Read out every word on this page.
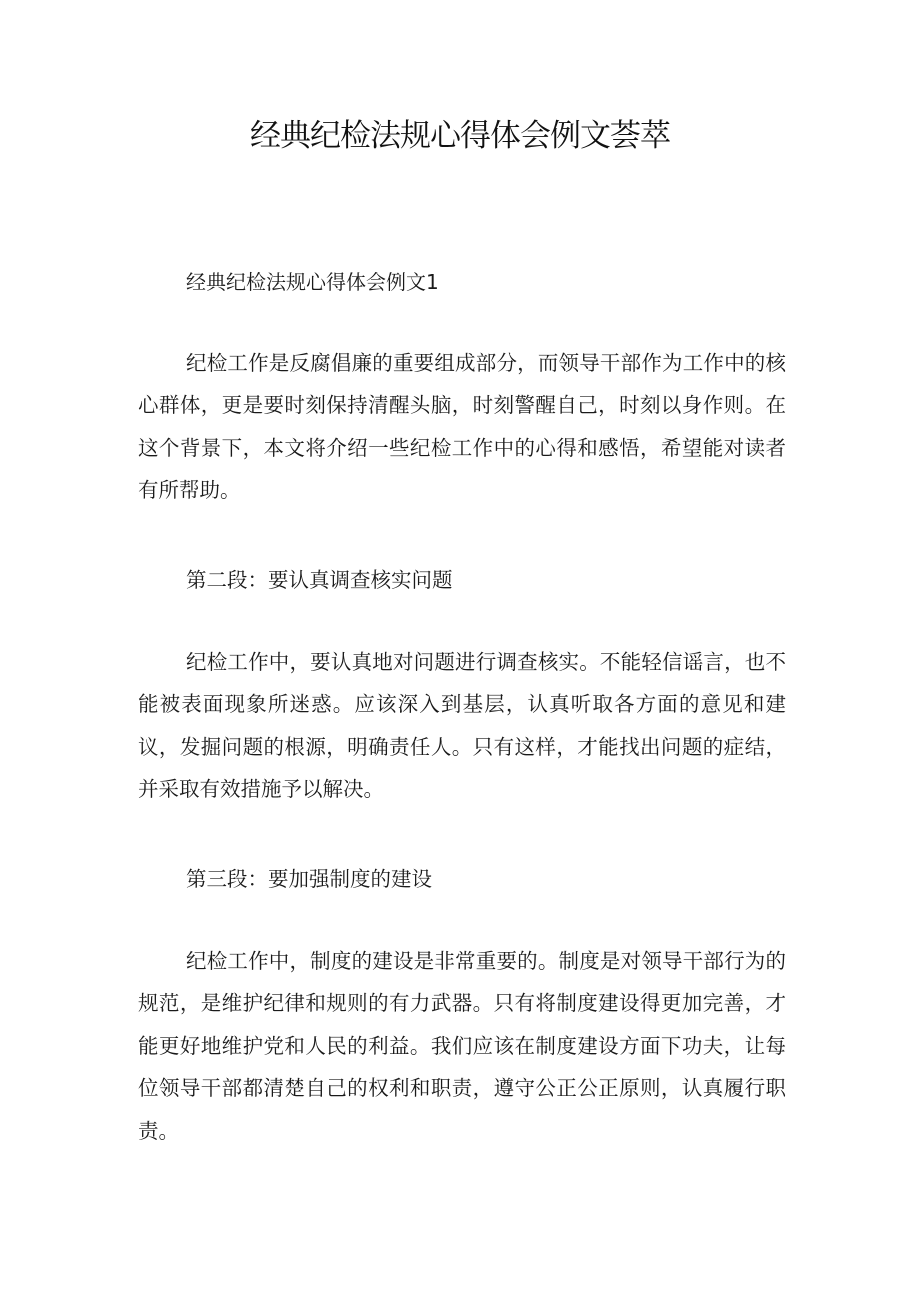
经典纪检法规心得体会例文荟萃
经典纪检法规心得体会例文1

纪检工作是反腐倡廉的重要组成部分，而领导干部作为工作中的核心群体，更是要时刻保持清醒头脑，时刻警醒自己，时刻以身作则。在这个背景下，本文将介绍一些纪检工作中的心得和感悟，希望能对读者有所帮助。

第二段：要认真调查核实问题

纪检工作中，要认真地对问题进行调查核实。不能轻信谣言，也不能被表面现象所迷惑。应该深入到基层，认真听取各方面的意见和建议，发掘问题的根源，明确责任人。只有这样，才能找出问题的症结，并采取有效措施予以解决。

第三段：要加强制度的建设

纪检工作中，制度的建设是非常重要的。制度是对领导干部行为的规范，是维护纪律和规则的有力武器。只有将制度建设得更加完善，才能更好地维护党和人民的利益。我们应该在制度建设方面下功夫，让每位领导干部都清楚自己的权利和职责，遵守公正公正原则，认真履行职责。
